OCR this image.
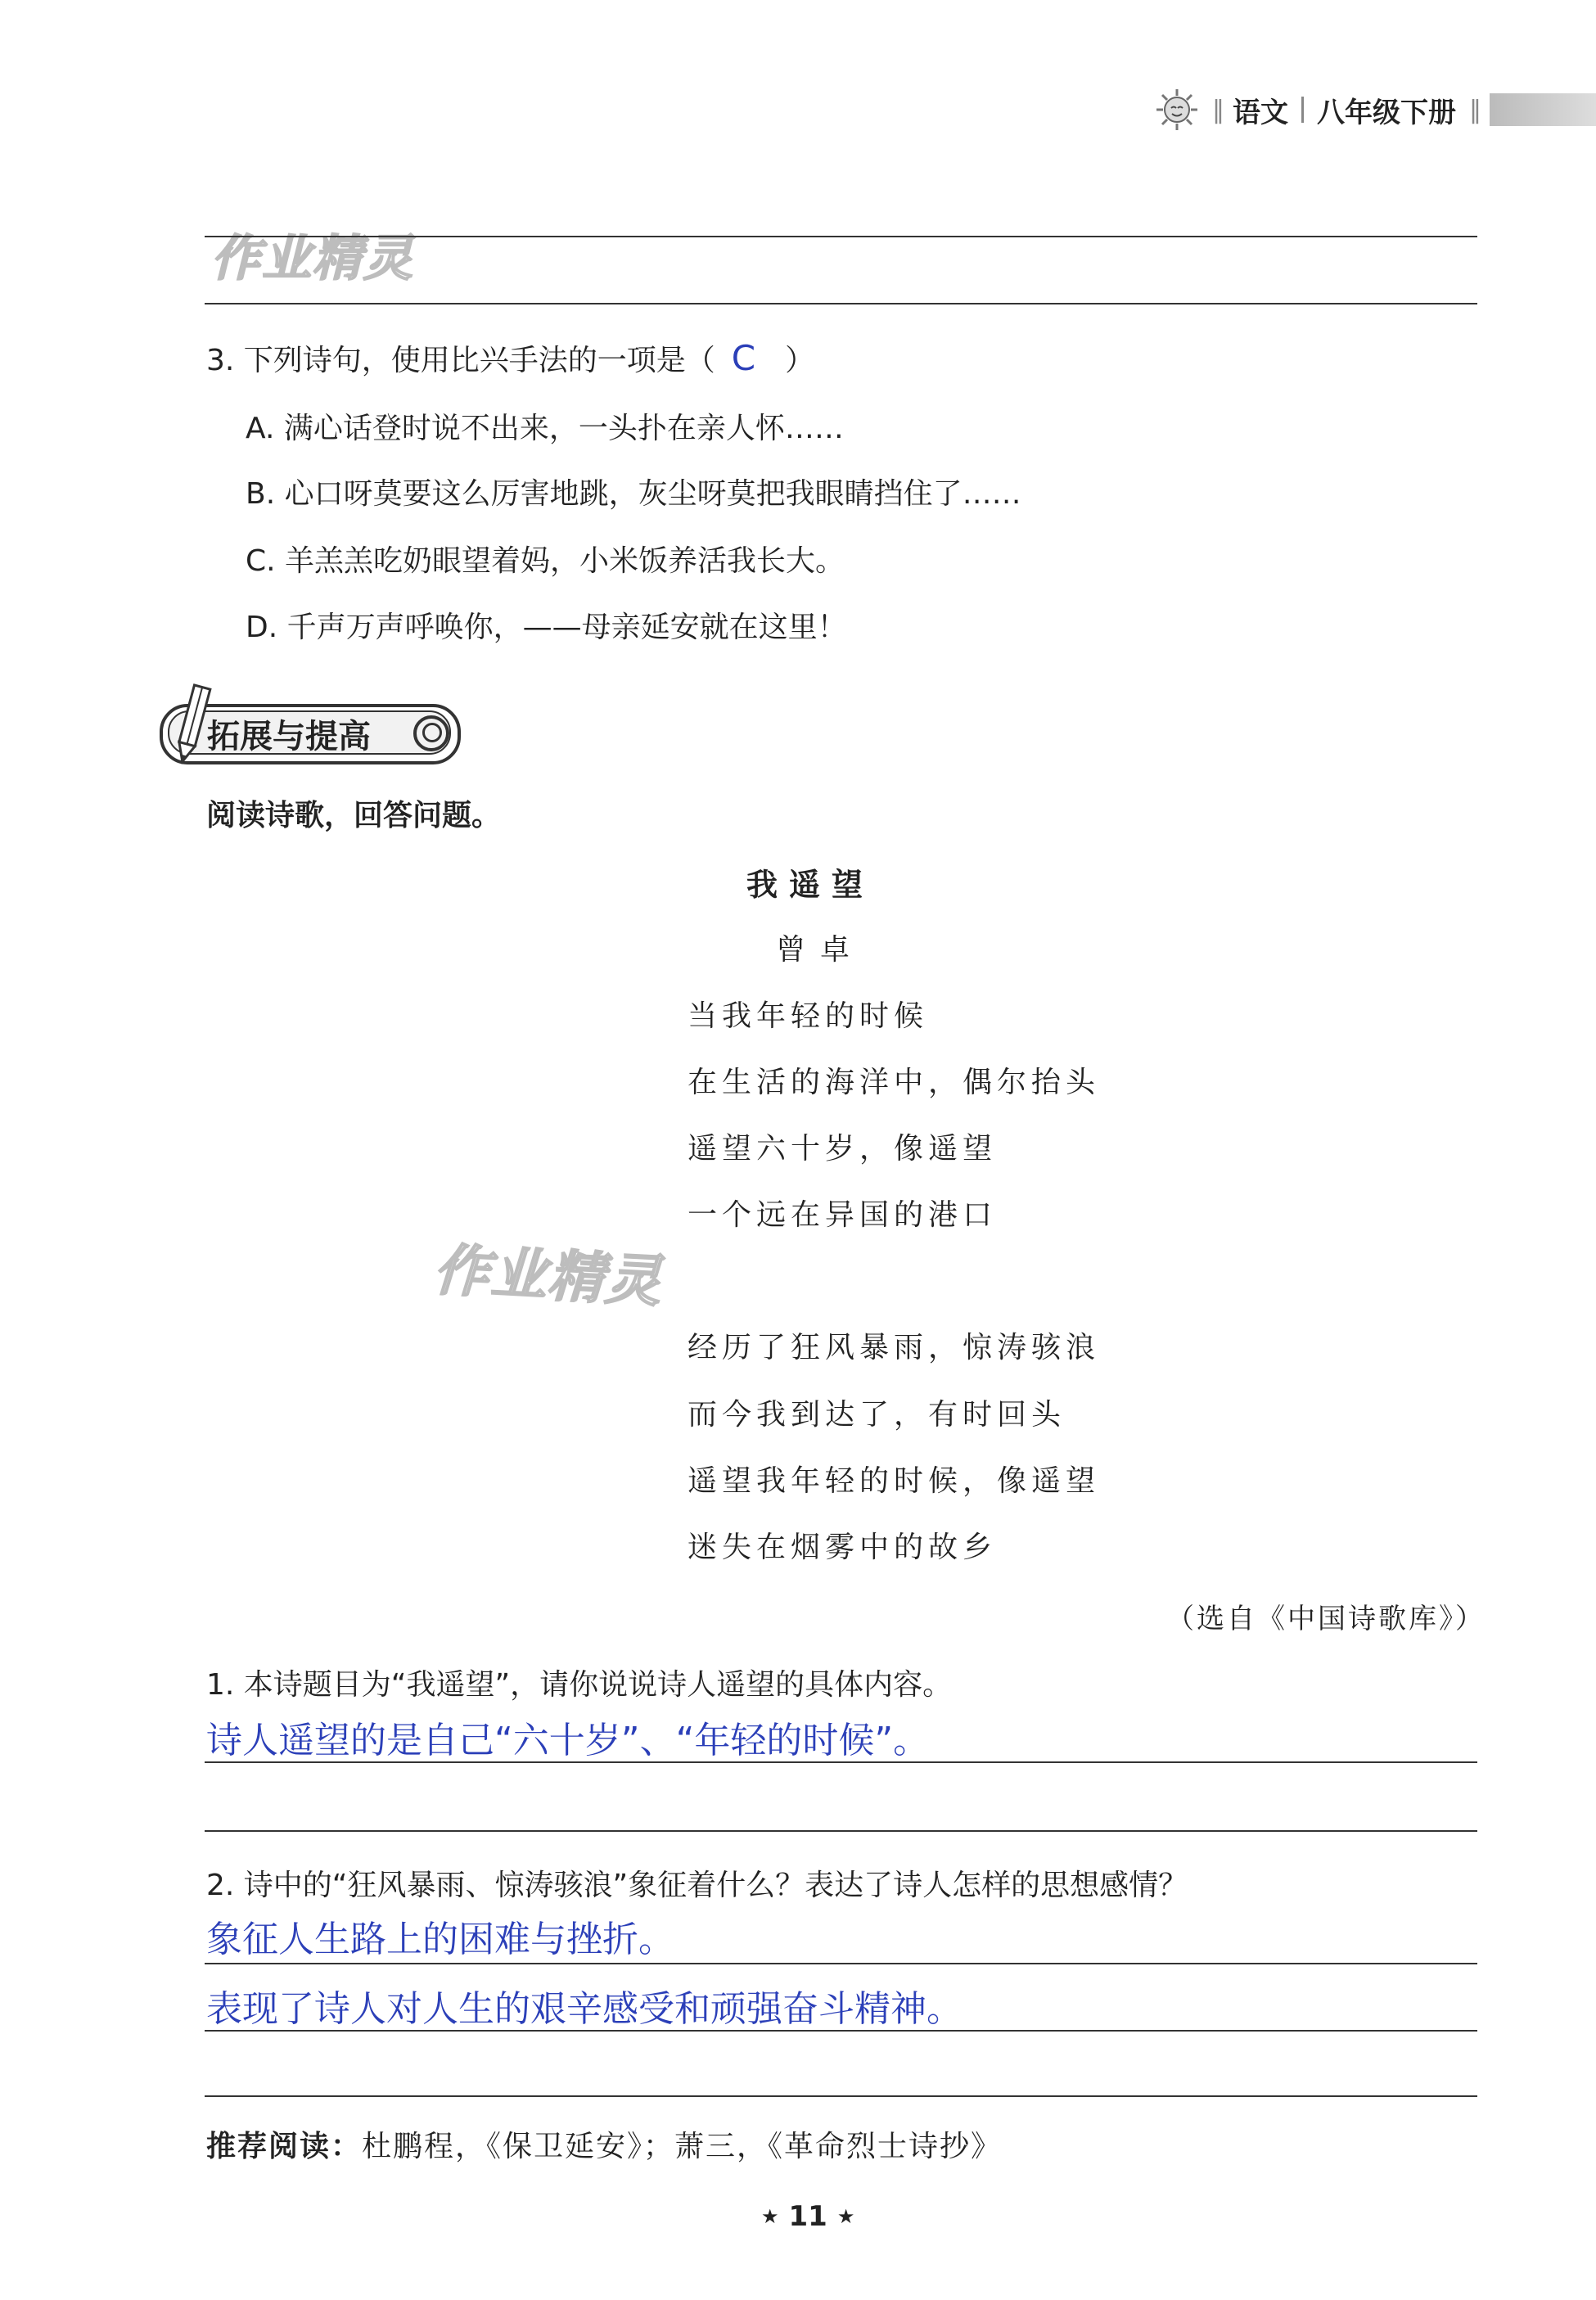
‖ 语文 八年级下册 ‖
作业精灵
3. 下列诗句，使用比兴手法的一项是（ C ）
A. 满心话登时说不出来，一头扑在亲人怀……
B. 心口呀莫要这么厉害地跳，灰尘呀莫把我眼睛挡住了……
C. 羊羔羔吃奶眼望着妈，小米饭养活我长大。
D. 千声万声呼唤你，——母亲延安就在这里！
拓展与提高
阅读诗歌，回答问题。
我遥望
曾卓
当我年轻的时候
在生活的海洋中，偶尔抬头
遥望六十岁，像遥望
一个远在异国的港口
作业精灵
经历了狂风暴雨，惊涛骇浪
而今我到达了，有时回头
遥望我年轻的时候，像遥望
迷失在烟雾中的故乡
（选自《中国诗歌库》）
1. 本诗题目为“我遥望”，请你说说诗人遥望的具体内容。
诗人遥望的是自己“六十岁”、“年轻的时候”。
2. 诗中的“狂风暴雨、惊涛骇浪”象征着什么？表达了诗人怎样的思想感情？
象征人生路上的困难与挫折。
表现了诗人对人生的艰辛感受和顽强奋斗精神。
推荐阅读：杜鹏程，《保卫延安》；萧三，《革命烈士诗抄》
★ 11 ★
